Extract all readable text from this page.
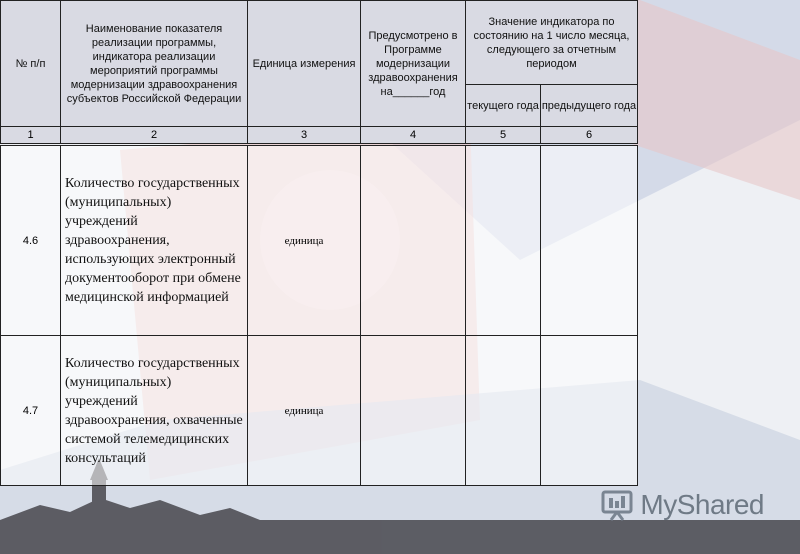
№ п/п	Наименование показателя реализации программы, индикатора реализации мероприятий программы модернизации здравоохранения субъектов Российской Федерации	Единица измерения	Предусмотрено в Программе модернизации здравоохранения на______год	Значение индикатора по состоянию на 1 число месяца, следующего за отчетным периодом	
				текущего года	предыдущего года
1	2	3	4	5	6
4.6	Количество государственных (муниципальных) учреждений здравоохранения, использующих электронный документооборот при обмене медицинской информацией	единица			
4.7	Количество государственных (муниципальных) учреждений здравоохранения, охваченные системой телемедицинских консультаций	единица			
MyShared
